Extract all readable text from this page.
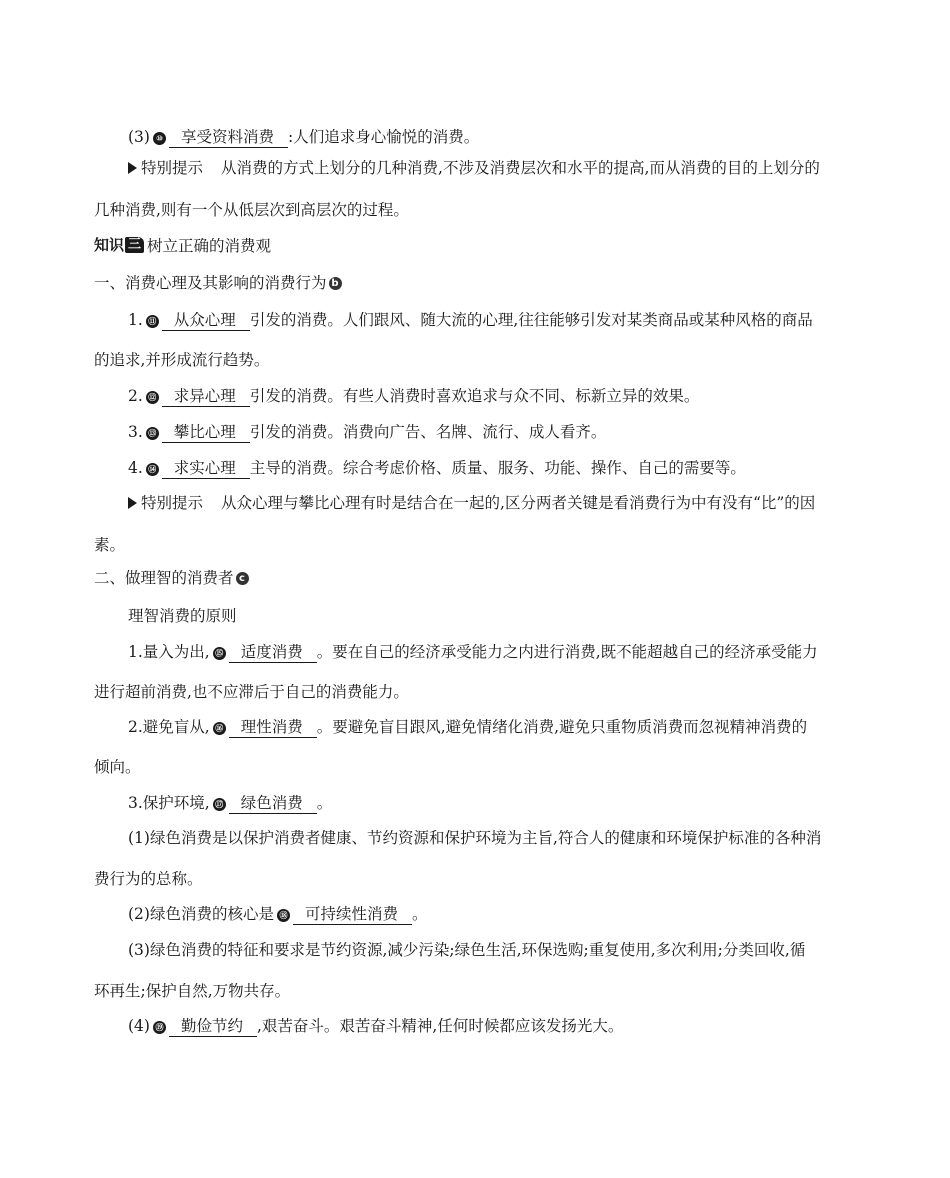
(3) ⑩ 享受资料消费 :人们追求身心愉悦的消费。
特别提示 从消费的方式上划分的几种消费,不涉及消费层次和水平的提高,而从消费的目的上划分的
几种消费,则有一个从低层次到高层次的过程。
知识 三 树立正确的消费观
一、消费心理及其影响的消费行为 b
1. ⑪ 从众心理 引发的消费。人们跟风、随大流的心理,往往能够引发对某类商品或某种风格的商品
的追求,并形成流行趋势。
2. ⑫ 求异心理 引发的消费。有些人消费时喜欢追求与众不同、标新立异的效果。
3. ⑬ 攀比心理 引发的消费。消费向广告、名牌、流行、成人看齐。
4. ⑭ 求实心理 主导的消费。综合考虑价格、质量、服务、功能、操作、自己的需要等。
特别提示 从众心理与攀比心理有时是结合在一起的,区分两者关键是看消费行为中有没有“比”的因
素。
二、做理智的消费者 c
理智消费的原则
1.量入为出, ⑮ 适度消费 。要在自己的经济承受能力之内进行消费,既不能超越自己的经济承受能力
进行超前消费,也不应滞后于自己的消费能力。
2.避免盲从, ⑯ 理性消费 。要避免盲目跟风,避免情绪化消费,避免只重物质消费而忽视精神消费的
倾向。
3.保护环境, ⑰ 绿色消费 。
(1)绿色消费是以保护消费者健康、节约资源和保护环境为主旨,符合人的健康和环境保护标准的各种消
费行为的总称。
(2)绿色消费的核心是 ⑱ 可持续性消费 。
(3)绿色消费的特征和要求是节约资源,减少污染;绿色生活,环保选购;重复使用,多次利用;分类回收,循
环再生;保护自然,万物共存。
(4) ⑲ 勤俭节约 ,艰苦奋斗。艰苦奋斗精神,任何时候都应该发扬光大。
